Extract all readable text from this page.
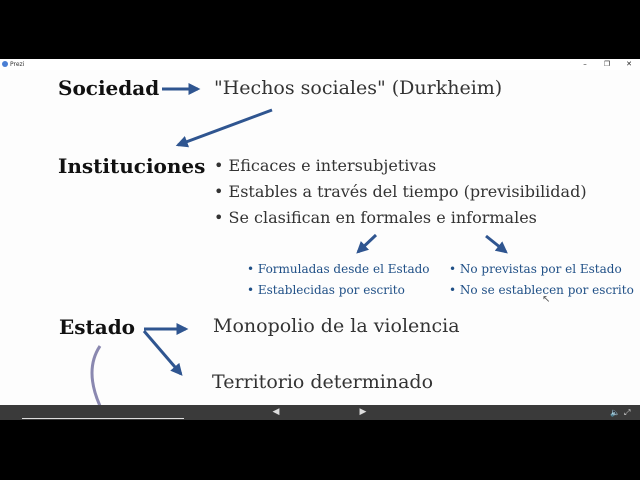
Prezi	–	❐	✕
Sociedad	"Hechos sociales" (Durkheim)
Instituciones • Eficaces e intersubjetivas
• Estables a través del tiempo (previsibilidad)
• Se clasifican en formales e informales
• Formuladas desde el Estado
• Establecidas por escrito
• No previstas por el Estado
• No se establecen por escrito
Estado	Monopolio de la violencia
Territorio determinado
↖
◀	▶	🔈 ⤢
